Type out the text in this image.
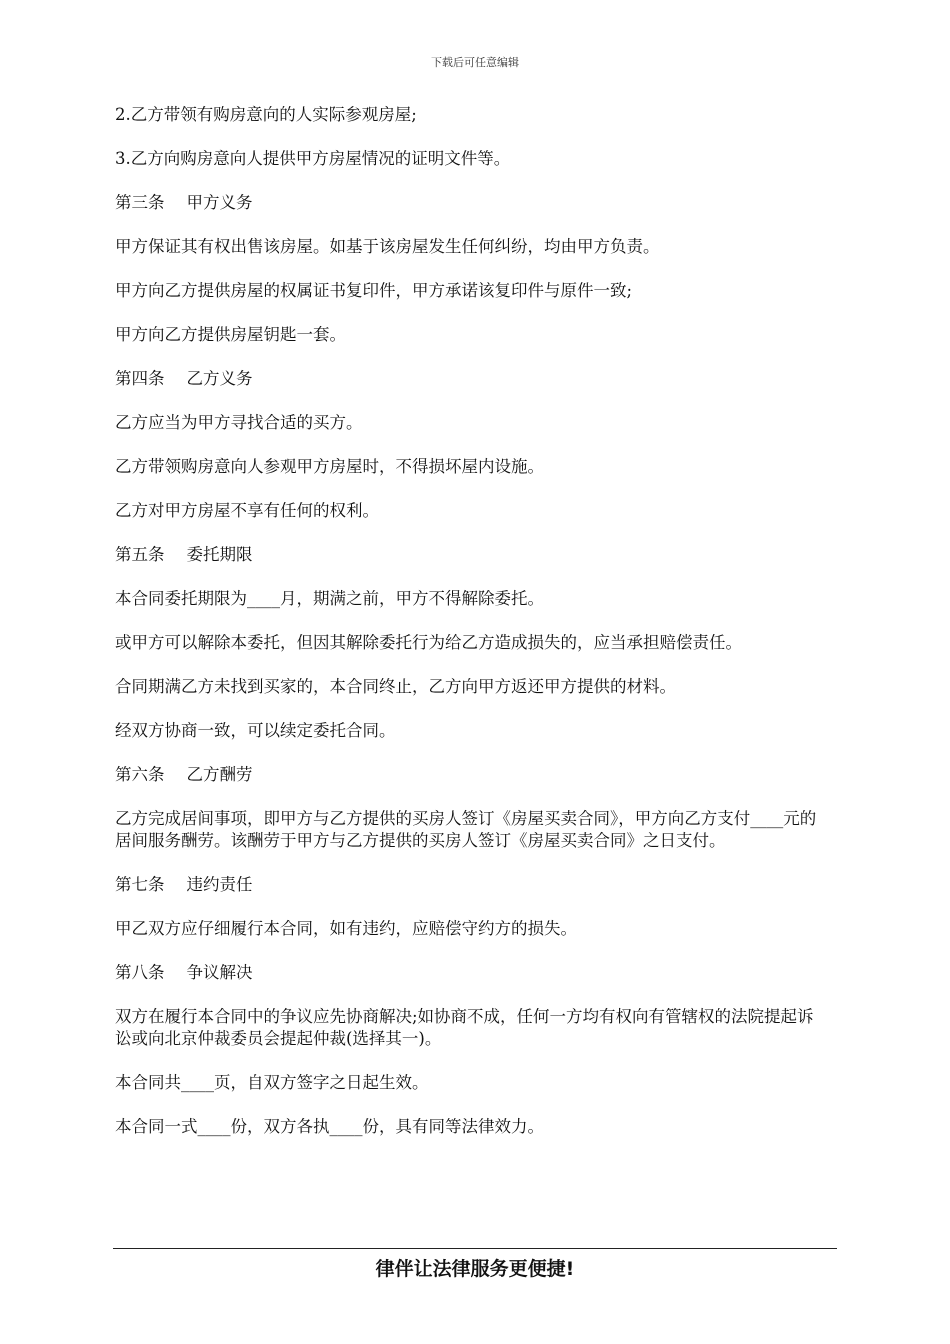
下载后可任意编辑

2.乙方带领有购房意向的人实际参观房屋;

3.乙方向购房意向人提供甲方房屋情况的证明文件等。

第三条 甲方义务

甲方保证其有权出售该房屋。如基于该房屋发生任何纠纷，均由甲方负责。

甲方向乙方提供房屋的权属证书复印件，甲方承诺该复印件与原件一致;

甲方向乙方提供房屋钥匙一套。

第四条 乙方义务

乙方应当为甲方寻找合适的买方。

乙方带领购房意向人参观甲方房屋时，不得损坏屋内设施。

乙方对甲方房屋不享有任何的权利。

第五条 委托期限

本合同委托期限为____月，期满之前，甲方不得解除委托。

或甲方可以解除本委托，但因其解除委托行为给乙方造成损失的，应当承担赔偿责任。

合同期满乙方未找到买家的，本合同终止，乙方向甲方返还甲方提供的材料。

经双方协商一致，可以续定委托合同。

第六条 乙方酬劳

乙方完成居间事项，即甲方与乙方提供的买房人签订《房屋买卖合同》，甲方向乙方支付____元的居间服务酬劳。该酬劳于甲方与乙方提供的买房人签订《房屋买卖合同》之日支付。

第七条 违约责任

甲乙双方应仔细履行本合同，如有违约，应赔偿守约方的损失。

第八条 争议解决

双方在履行本合同中的争议应先协商解决;如协商不成，任何一方均有权向有管辖权的法院提起诉讼或向北京仲裁委员会提起仲裁(选择其一)。

本合同共____页，自双方签字之日起生效。

本合同一式____份，双方各执____份，具有同等法律效力。

律伴让法律服务更便捷!
